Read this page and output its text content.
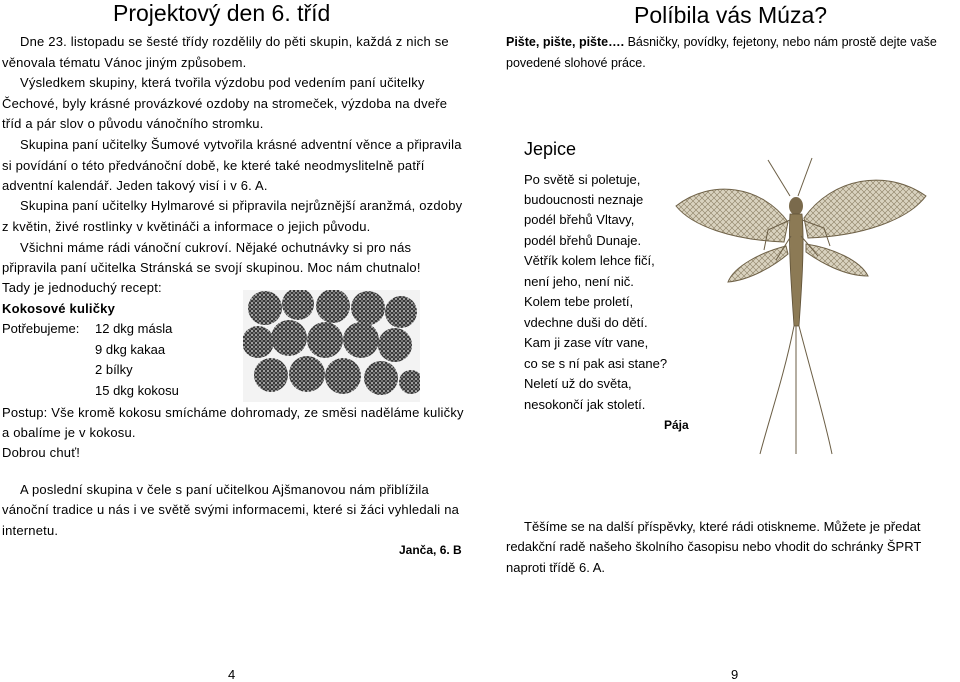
Projektový den 6. tříd
Dne 23. listopadu se šesté třídy rozdělily do pěti skupin, každá z nich se
věnovala tématu Vánoc jiným způsobem.
Výsledkem skupiny, která tvořila výzdobu pod vedením paní učitelky
Čechové, byly krásné provázkové ozdoby na stromeček, výzdoba na dveře
tříd a pár slov o původu vánočního stromku.
Skupina paní učitelky Šumové vytvořila krásné adventní věnce a připravila
si povídání o této předvánoční době, ke které také neodmyslitelně patří
adventní kalendář. Jeden takový visí i v 6. A.
Skupina paní učitelky Hylmarové si připravila nejrůznější aranžmá, ozdoby
z květin, živé rostlinky v květináči a informace o jejich původu.
Všichni máme rádi vánoční cukroví. Nějaké ochutnávky si pro nás
připravila paní učitelka Stránská se svojí skupinou. Moc nám chutnalo!
Tady je jednoduchý recept:
Kokosové kuličky
Potřebujeme: 12 dkg másla
9 dkg kakaa
2 bílky
15 dkg kokosu
Postup: Vše kromě kokosu smícháme dohromady, ze směsi naděláme kuličky
a obalíme je v kokosu.
Dobrou chuť!
A poslední skupina v čele s paní učitelkou Ajšmanovou nám přiblížila
vánoční tradice u nás i ve světě svými informacemi, které si žáci vyhledali na
internetu.
Janča, 6. B
4
Políbila vás Múza?
Pište, pište, pište…. Básničky, povídky, fejetony, nebo nám prostě dejte vaše
povedené slohové práce.
Jepice
Po světě si poletuje,
budoucnosti neznaje
podél břehů Vltavy,
podél břehů Dunaje.
Větřík kolem lehce fičí,
není jeho, není nič.
Kolem tebe proletí,
vdechne duši do dětí.
Kam ji zase vítr vane,
co se s ní pak asi stane?
Neletí už do světa,
nesokončí jak století.
Pája
Těšíme se na další příspěvky, které rádi otiskneme. Můžete je předat
redakční radě našeho školního časopisu nebo vhodit do schránky ŠPRT
naproti třídě 6. A.
9
